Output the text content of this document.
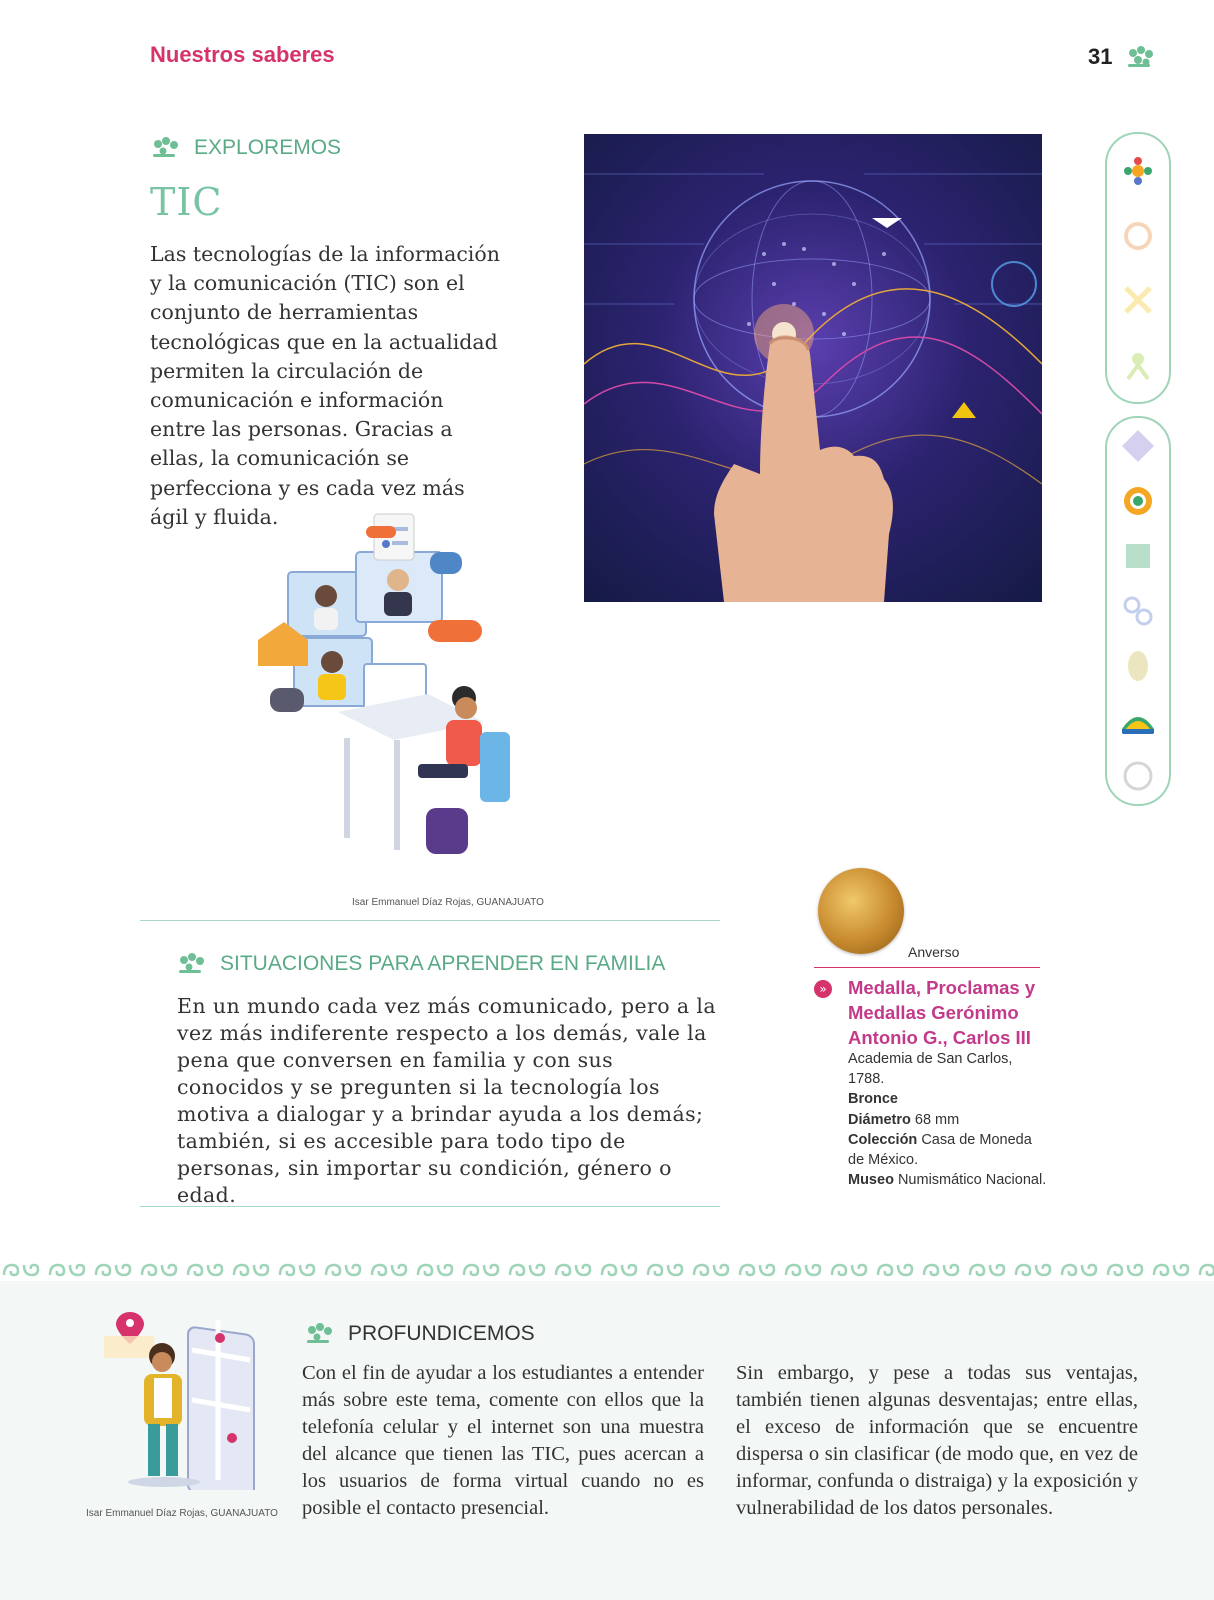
Nuestros saberes	31
EXPLOREMOS
TIC
Las tecnologías de la información y la comunicación (TIC) son el conjunto de herramientas tecnológicas que en la actualidad permiten la circulación de comunicación e información entre las personas. Gracias a ellas, la comunicación se perfecciona y es cada vez más ágil y fluida.
Isar Emmanuel Díaz Rojas, GUANAJUATO
SITUACIONES PARA APRENDER EN FAMILIA
En un mundo cada vez más comunicado, pero a la vez más indiferente respecto a los demás, vale la pena que conversen en familia y con sus conocidos y se pregunten si la tecnología los motiva a dialogar y a brindar ayuda a los demás; también, si es accesible para todo tipo de personas, sin importar su condición, género o edad.
Anverso
» Medalla, Proclamas y Medallas Gerónimo Antonio G., Carlos III
Academia de San Carlos, 1788.
Bronce
Diámetro 68 mm
Colección Casa de Moneda de México.
Museo Numismático Nacional.
Isar Emmanuel Díaz Rojas, GUANAJUATO
PROFUNDICEMOS
Con el fin de ayudar a los estudiantes a entender más sobre este tema, comente con ellos que la telefonía celular y el internet son una muestra del alcance que tienen las TIC, pues acercan a los usuarios de forma virtual cuando no es posible el contacto presencial.
Sin embargo, y pese a todas sus ventajas, también tienen algunas desventajas; entre ellas, el exceso de información que se encuentre dispersa o sin clasificar (de modo que, en vez de informar, confunda o distraiga) y la exposición y vulnerabilidad de los datos personales.
